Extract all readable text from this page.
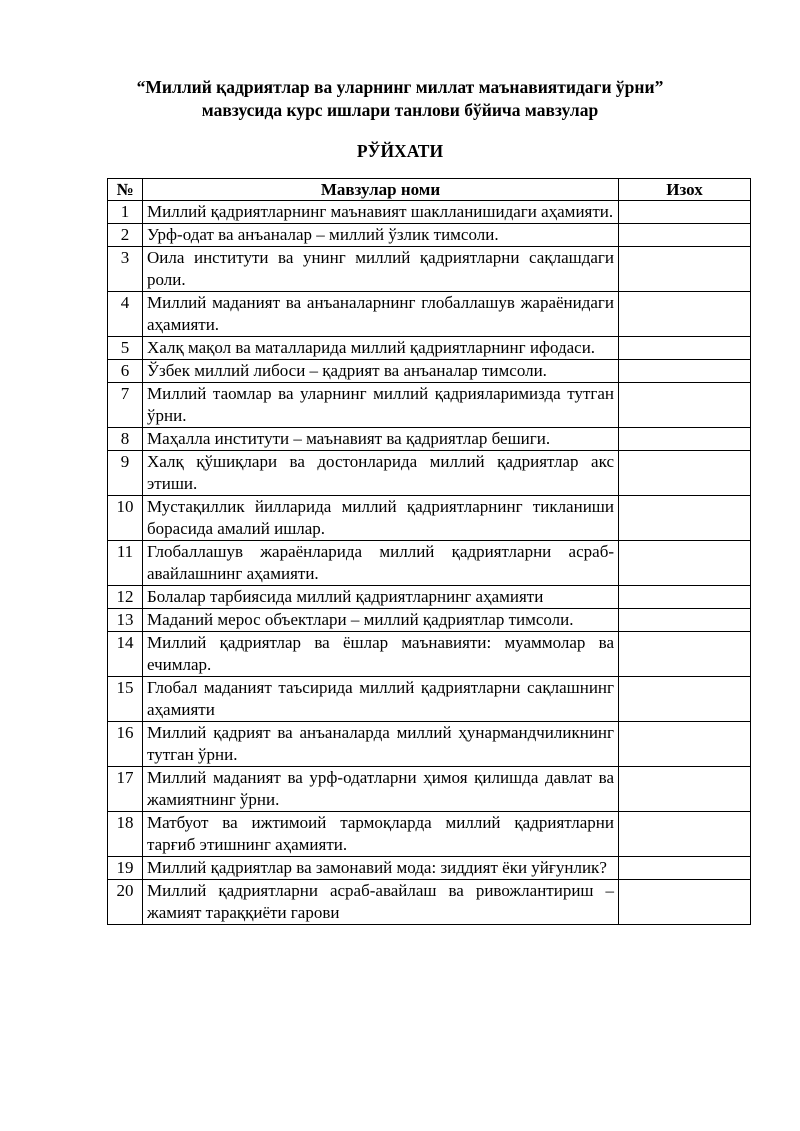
“Миллий қадриятлар ва уларнинг миллат маънавиятидаги ўрни”
мавзусида курс ишлари танлови бўйича мавзулар
РЎЙХАТИ
№	Мавзулар номи	Изох
1	Миллий қадриятларнинг маънавият шаклланишидаги аҳамияти.	
2	Урф-одат ва анъаналар – миллий ўзлик тимсоли.	
3	Оила институти ва унинг миллий қадриятларни сақлашдаги роли.	
4	Миллий маданият ва анъаналарнинг глобаллашув жараёнидаги аҳамияти.	
5	Халқ мақол ва маталларида миллий қадриятларнинг ифодаси.	
6	Ўзбек миллий либоси – қадрият ва анъаналар тимсоли.	
7	Миллий таомлар ва уларнинг миллий қадрияларимизда тутган ўрни.	
8	Маҳалла институти – маънавият ва қадриятлар бешиги.	
9	Халқ қўшиқлари ва достонларида миллий қадриятлар акс этиши.	
10	Мустақиллик йилларида миллий қадриятларнинг тикланиши борасида амалий ишлар.	
11	Глобаллашув жараёнларида миллий қадриятларни асраб-авайлашнинг аҳамияти.	
12	Болалар тарбиясида миллий қадриятларнинг аҳамияти	
13	Маданий мерос объектлари – миллий қадриятлар тимсоли.	
14	Миллий қадриятлар ва ёшлар маънавияти: муаммолар ва ечимлар.	
15	Глобал маданият таъсирида миллий қадриятларни сақлашнинг аҳамияти	
16	Миллий қадрият ва анъаналарда миллий ҳунармандчиликнинг тутган ўрни.	
17	Миллий маданият ва урф-одатларни ҳимоя қилишда давлат ва жамиятнинг ўрни.	
18	Матбуот ва ижтимоий тармоқларда миллий қадриятларни тарғиб этишнинг аҳамияти.	
19	Миллий қадриятлар ва замонавий мода: зиддият ёки уйғунлик?	
20	Миллий қадриятларни асраб-авайлаш ва ривожлантириш – жамият тараққиёти гарови	
